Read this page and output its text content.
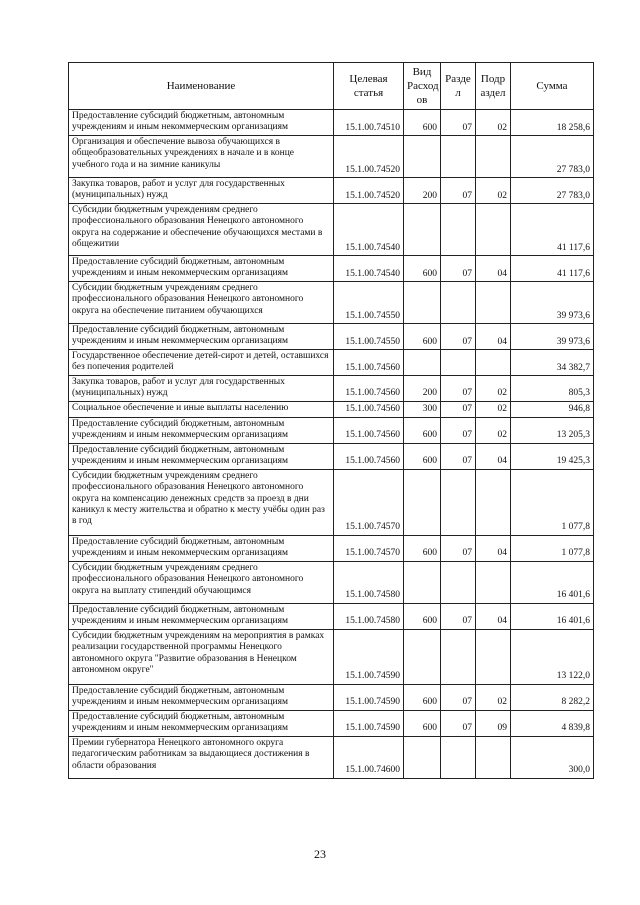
Наименование	Целевая статья	Вид Расход ов	Разде л	Подр аздел	Сумма
Предоставление субсидий бюджетным, автономным учреждениям и иным некоммерческим организациям	15.1.00.74510	600	07	02	18 258,6
Организация и обеспечение вывоза обучающихся в общеобразовательных учреждениях в начале и в конце учебного года и на зимние каникулы	15.1.00.74520				27 783,0
Закупка товаров, работ и услуг для государственных (муниципальных) нужд	15.1.00.74520	200	07	02	27 783,0
Субсидии бюджетным учреждениям среднего профессионального образования Ненецкого автономного округа на содержание и обеспечение обучающихся местами в общежитии	15.1.00.74540				41 117,6
Предоставление субсидий бюджетным, автономным учреждениям и иным некоммерческим организациям	15.1.00.74540	600	07	04	41 117,6
Субсидии бюджетным учреждениям среднего профессионального образования Ненецкого автономного округа на обеспечение питанием обучающихся	15.1.00.74550				39 973,6
Предоставление субсидий бюджетным, автономным учреждениям и иным некоммерческим организациям	15.1.00.74550	600	07	04	39 973,6
Государственное обеспечение детей-сирот и детей, оставшихся без попечения родителей	15.1.00.74560				34 382,7
Закупка товаров, работ и услуг для государственных (муниципальных) нужд	15.1.00.74560	200	07	02	805,3
Социальное обеспечение и иные выплаты населению	15.1.00.74560	300	07	02	946,8
Предоставление субсидий бюджетным, автономным учреждениям и иным некоммерческим организациям	15.1.00.74560	600	07	02	13 205,3
Предоставление субсидий бюджетным, автономным учреждениям и иным некоммерческим организациям	15.1.00.74560	600	07	04	19 425,3
Субсидии бюджетным учреждениям среднего профессионального образования Ненецкого автономного округа на компенсацию денежных средств за проезд в дни каникул к месту жительства и обратно к месту учёбы один раз в год	15.1.00.74570				1 077,8
Предоставление субсидий бюджетным, автономным учреждениям и иным некоммерческим организациям	15.1.00.74570	600	07	04	1 077,8
Субсидии бюджетным учреждениям среднего профессионального образования Ненецкого автономного округа на выплату стипендий обучающимся	15.1.00.74580				16 401,6
Предоставление субсидий бюджетным, автономным учреждениям и иным некоммерческим организациям	15.1.00.74580	600	07	04	16 401,6
Субсидии бюджетным учреждениям на мероприятия в рамках реализации государственной программы Ненецкого автономного округа "Развитие образования в Ненецком автономном округе"	15.1.00.74590				13 122,0
Предоставление субсидий бюджетным, автономным учреждениям и иным некоммерческим организациям	15.1.00.74590	600	07	02	8 282,2
Предоставление субсидий бюджетным, автономным учреждениям и иным некоммерческим организациям	15.1.00.74590	600	07	09	4 839,8
Премии губернатора Ненецкого автономного округа педагогическим работникам за выдающиеся достижения в области образования	15.1.00.74600				300,0
23
